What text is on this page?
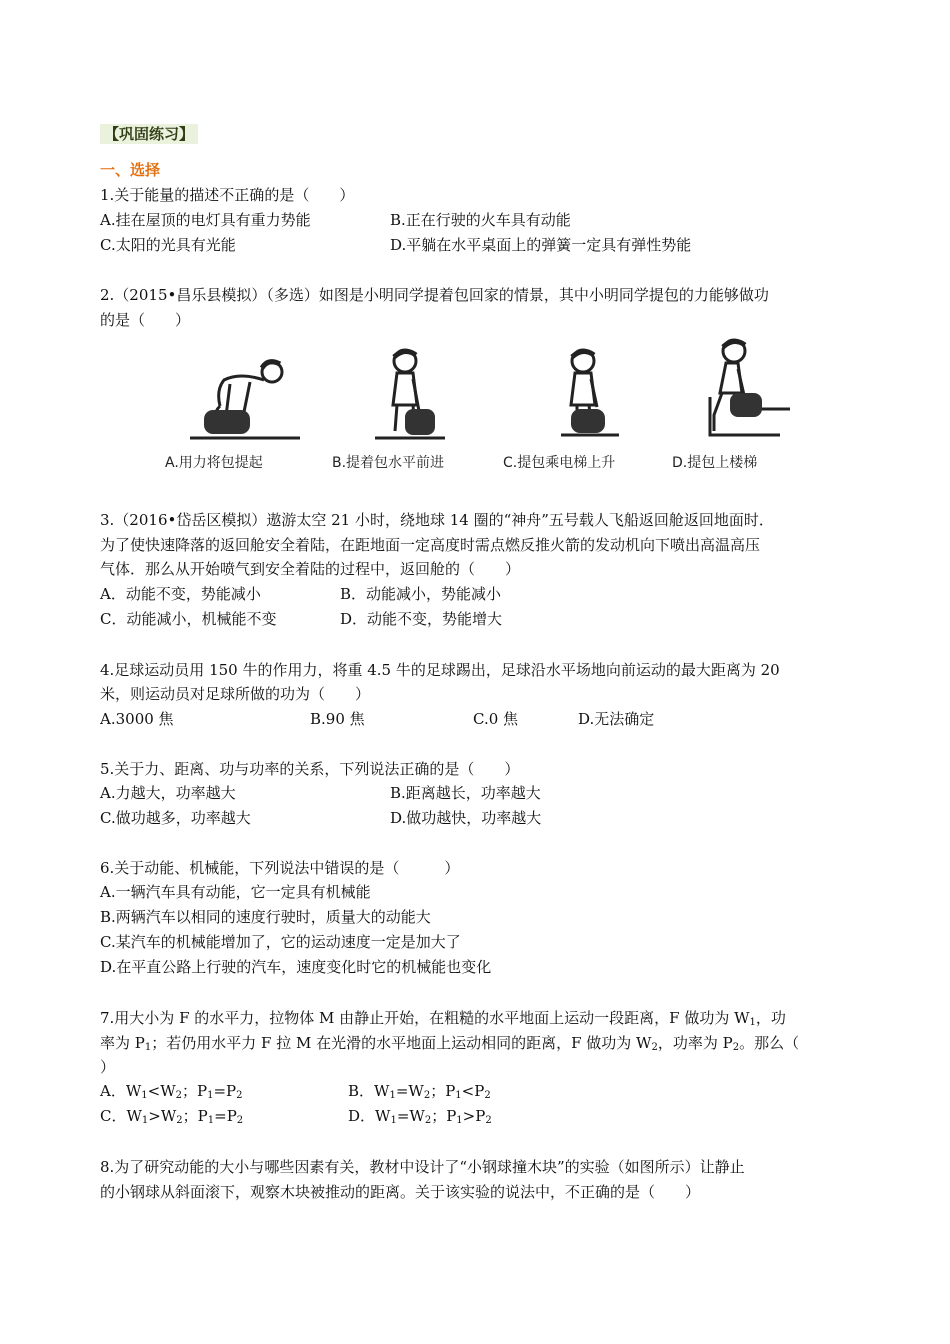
【巩固练习】
一、选择
1.关于能量的描述不正确的是（　　）
A.挂在屋顶的电灯具有重力势能	B.正在行驶的火车具有动能
C.太阳的光具有光能	D.平躺在水平桌面上的弹簧一定具有弹性势能
2.（2015•昌乐县模拟）（多选）如图是小明同学提着包回家的情景，其中小明同学提包的力能够做功
的是（　　）
A.用力将包提起	B.提着包水平前进	C.提包乘电梯上升	D.提包上楼梯
3.（2016•岱岳区模拟）遨游太空 21 小时，绕地球 14 圈的“神舟”五号载人飞船返回舱返回地面时．
为了使快速降落的返回舱安全着陆，在距地面一定高度时需点燃反推火箭的发动机向下喷出高温高压
气体．那么从开始喷气到安全着陆的过程中，返回舱的（　　）
A．动能不变，势能减小	B．动能减小，势能减小
C．动能减小，机械能不变	D．动能不变，势能增大
4.足球运动员用 150 牛的作用力，将重 4.5 牛的足球踢出，足球沿水平场地向前运动的最大距离为 20
米，则运动员对足球所做的功为（　　）
A.3000 焦	B.90 焦	C.0 焦	D.无法确定
5.关于力、距离、功与功率的关系，下列说法正确的是（　　）
A.力越大，功率越大	B.距离越长，功率越大
C.做功越多，功率越大	D.做功越快，功率越大
6.关于动能、机械能，下列说法中错误的是（　　　）
A.一辆汽车具有动能，它一定具有机械能
B.两辆汽车以相同的速度行驶时，质量大的动能大
C.某汽车的机械能增加了，它的运动速度一定是加大了
D.在平直公路上行驶的汽车，速度变化时它的机械能也变化
7.用大小为 F 的水平力，拉物体 M 由静止开始，在粗糙的水平地面上运动一段距离，F 做功为 $W_1$，功
率为 $P_1$；若仍用水平力 F 拉 M 在光滑的水平地面上运动相同的距离，F 做功为 $W_2$，功率为 $P_2$。那么（
）
A．$W_1<W_2$；$P_1=P_2$	B．$W_1=W_2$；$P_1<P_2$
C．$W_1>W_2$；$P_1=P_2$	D．$W_1=W_2$；$P_1>P_2$
8.为了研究动能的大小与哪些因素有关，教材中设计了“小钢球撞木块”的实验（如图所示）让静止
的小钢球从斜面滚下，观察木块被推动的距离。关于该实验的说法中，不正确的是（　　）
